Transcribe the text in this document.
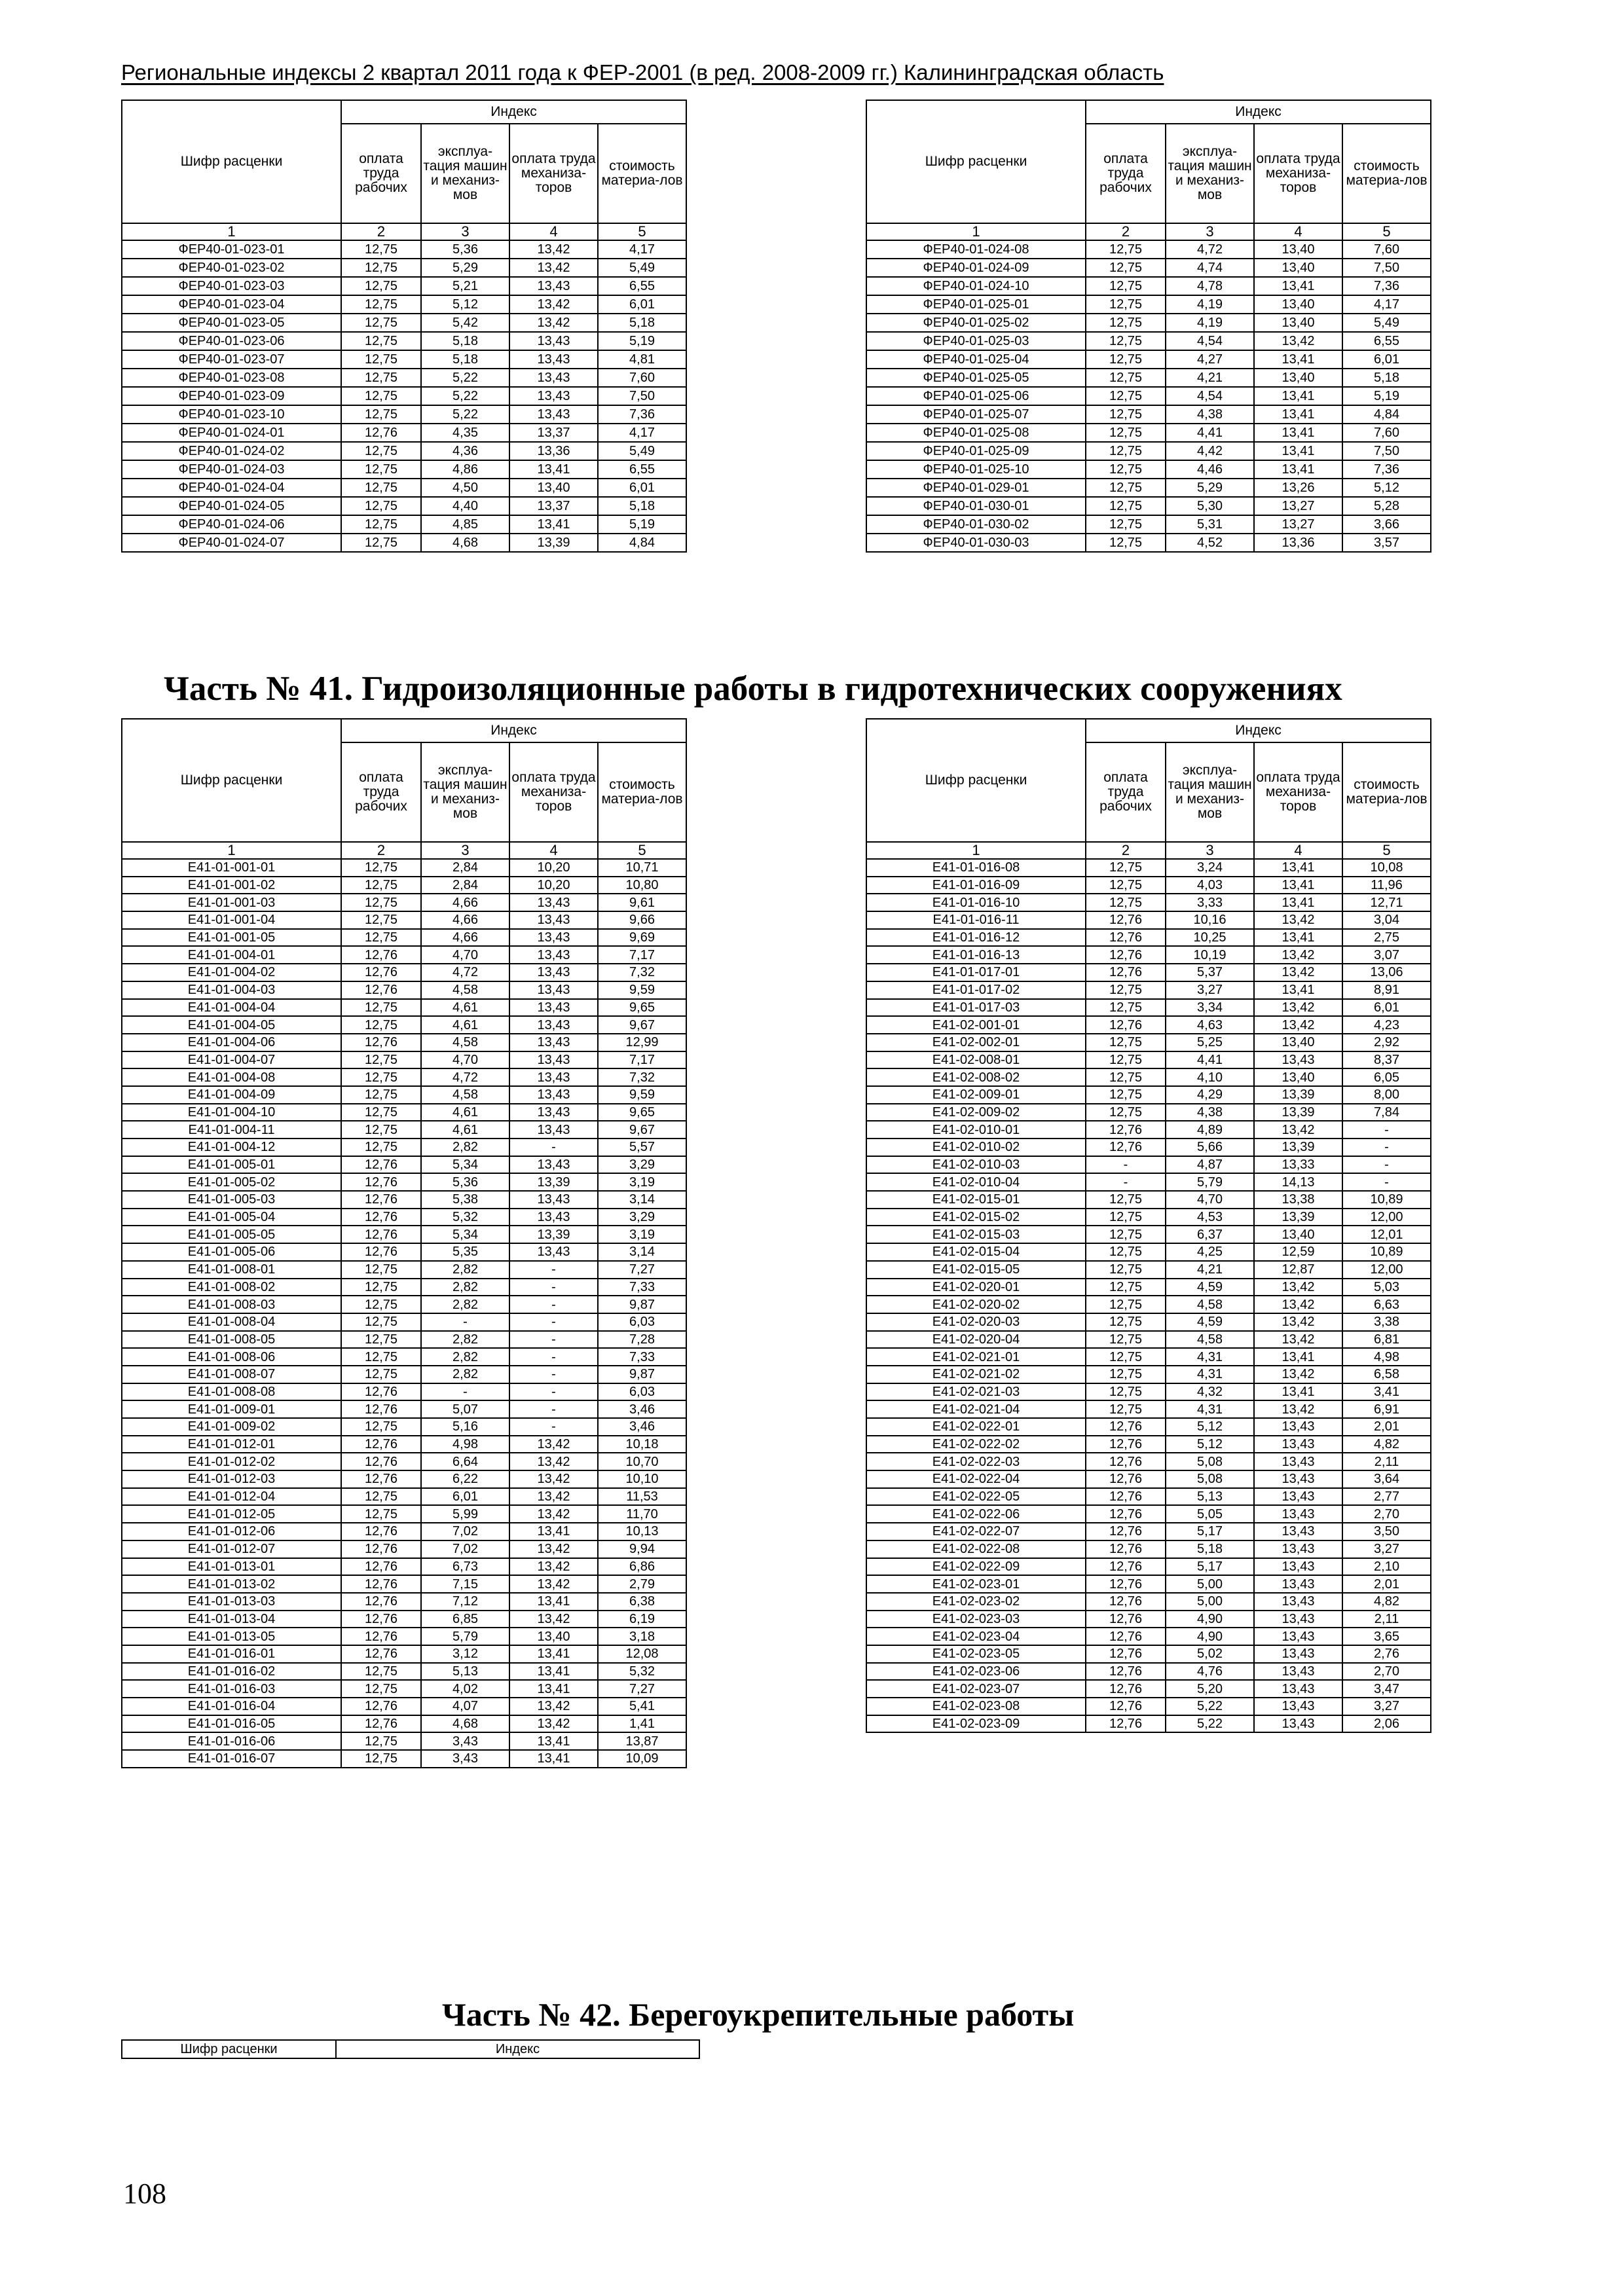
Региональные индексы 2 квартал 2011 года к ФЕР-2001 (в ред. 2008-2009 гг.) Калининградская область
Часть № 41. Гидроизоляционные работы в гидротехнических сооружениях
Часть № 42. Берегоукрепительные работы
Шифр расценки	Индекс
108
Шифр расценки	Индекс			
	оплата труда рабочих	эксплуа-тация машин и механиз-мов	оплата труда механиза-торов	стоимость материа-лов
1	2	3	4	5
ФЕР40-01-023-01	12,75	5,36	13,42	4,17
ФЕР40-01-023-02	12,75	5,29	13,42	5,49
ФЕР40-01-023-03	12,75	5,21	13,43	6,55
ФЕР40-01-023-04	12,75	5,12	13,42	6,01
ФЕР40-01-023-05	12,75	5,42	13,42	5,18
ФЕР40-01-023-06	12,75	5,18	13,43	5,19
ФЕР40-01-023-07	12,75	5,18	13,43	4,81
ФЕР40-01-023-08	12,75	5,22	13,43	7,60
ФЕР40-01-023-09	12,75	5,22	13,43	7,50
ФЕР40-01-023-10	12,75	5,22	13,43	7,36
ФЕР40-01-024-01	12,76	4,35	13,37	4,17
ФЕР40-01-024-02	12,75	4,36	13,36	5,49
ФЕР40-01-024-03	12,75	4,86	13,41	6,55
ФЕР40-01-024-04	12,75	4,50	13,40	6,01
ФЕР40-01-024-05	12,75	4,40	13,37	5,18
ФЕР40-01-024-06	12,75	4,85	13,41	5,19
ФЕР40-01-024-07	12,75	4,68	13,39	4,84
Шифр расценки	Индекс			
	оплата труда рабочих	эксплуа-тация машин и механиз-мов	оплата труда механиза-торов	стоимость материа-лов
1	2	3	4	5
ФЕР40-01-024-08	12,75	4,72	13,40	7,60
ФЕР40-01-024-09	12,75	4,74	13,40	7,50
ФЕР40-01-024-10	12,75	4,78	13,41	7,36
ФЕР40-01-025-01	12,75	4,19	13,40	4,17
ФЕР40-01-025-02	12,75	4,19	13,40	5,49
ФЕР40-01-025-03	12,75	4,54	13,42	6,55
ФЕР40-01-025-04	12,75	4,27	13,41	6,01
ФЕР40-01-025-05	12,75	4,21	13,40	5,18
ФЕР40-01-025-06	12,75	4,54	13,41	5,19
ФЕР40-01-025-07	12,75	4,38	13,41	4,84
ФЕР40-01-025-08	12,75	4,41	13,41	7,60
ФЕР40-01-025-09	12,75	4,42	13,41	7,50
ФЕР40-01-025-10	12,75	4,46	13,41	7,36
ФЕР40-01-029-01	12,75	5,29	13,26	5,12
ФЕР40-01-030-01	12,75	5,30	13,27	5,28
ФЕР40-01-030-02	12,75	5,31	13,27	3,66
ФЕР40-01-030-03	12,75	4,52	13,36	3,57
Шифр расценки	Индекс			
	оплата труда рабочих	эксплуа-тация машин и механиз-мов	оплата труда механиза-торов	стоимость материа-лов
1	2	3	4	5
Е41-01-001-01	12,75	2,84	10,20	10,71
Е41-01-001-02	12,75	2,84	10,20	10,80
Е41-01-001-03	12,75	4,66	13,43	9,61
Е41-01-001-04	12,75	4,66	13,43	9,66
Е41-01-001-05	12,75	4,66	13,43	9,69
Е41-01-004-01	12,76	4,70	13,43	7,17
Е41-01-004-02	12,76	4,72	13,43	7,32
Е41-01-004-03	12,76	4,58	13,43	9,59
Е41-01-004-04	12,75	4,61	13,43	9,65
Е41-01-004-05	12,75	4,61	13,43	9,67
Е41-01-004-06	12,76	4,58	13,43	12,99
Е41-01-004-07	12,75	4,70	13,43	7,17
Е41-01-004-08	12,75	4,72	13,43	7,32
Е41-01-004-09	12,75	4,58	13,43	9,59
Е41-01-004-10	12,75	4,61	13,43	9,65
Е41-01-004-11	12,75	4,61	13,43	9,67
Е41-01-004-12	12,75	2,82	-	5,57
Е41-01-005-01	12,76	5,34	13,43	3,29
Е41-01-005-02	12,76	5,36	13,39	3,19
Е41-01-005-03	12,76	5,38	13,43	3,14
Е41-01-005-04	12,76	5,32	13,43	3,29
Е41-01-005-05	12,76	5,34	13,39	3,19
Е41-01-005-06	12,76	5,35	13,43	3,14
Е41-01-008-01	12,75	2,82	-	7,27
Е41-01-008-02	12,75	2,82	-	7,33
Е41-01-008-03	12,75	2,82	-	9,87
Е41-01-008-04	12,75	-	-	6,03
Е41-01-008-05	12,75	2,82	-	7,28
Е41-01-008-06	12,75	2,82	-	7,33
Е41-01-008-07	12,75	2,82	-	9,87
Е41-01-008-08	12,76	-	-	6,03
Е41-01-009-01	12,76	5,07	-	3,46
Е41-01-009-02	12,75	5,16	-	3,46
Е41-01-012-01	12,76	4,98	13,42	10,18
Е41-01-012-02	12,76	6,64	13,42	10,70
Е41-01-012-03	12,76	6,22	13,42	10,10
Е41-01-012-04	12,75	6,01	13,42	11,53
Е41-01-012-05	12,75	5,99	13,42	11,70
Е41-01-012-06	12,76	7,02	13,41	10,13
Е41-01-012-07	12,76	7,02	13,42	9,94
Е41-01-013-01	12,76	6,73	13,42	6,86
Е41-01-013-02	12,76	7,15	13,42	2,79
Е41-01-013-03	12,76	7,12	13,41	6,38
Е41-01-013-04	12,76	6,85	13,42	6,19
Е41-01-013-05	12,76	5,79	13,40	3,18
Е41-01-016-01	12,76	3,12	13,41	12,08
Е41-01-016-02	12,75	5,13	13,41	5,32
Е41-01-016-03	12,75	4,02	13,41	7,27
Е41-01-016-04	12,76	4,07	13,42	5,41
Е41-01-016-05	12,76	4,68	13,42	1,41
Е41-01-016-06	12,75	3,43	13,41	13,87
Е41-01-016-07	12,75	3,43	13,41	10,09
Шифр расценки	Индекс			
	оплата труда рабочих	эксплуа-тация машин и механиз-мов	оплата труда механиза-торов	стоимость материа-лов
1	2	3	4	5
Е41-01-016-08	12,75	3,24	13,41	10,08
Е41-01-016-09	12,75	4,03	13,41	11,96
Е41-01-016-10	12,75	3,33	13,41	12,71
Е41-01-016-11	12,76	10,16	13,42	3,04
Е41-01-016-12	12,76	10,25	13,41	2,75
Е41-01-016-13	12,76	10,19	13,42	3,07
Е41-01-017-01	12,76	5,37	13,42	13,06
Е41-01-017-02	12,75	3,27	13,41	8,91
Е41-01-017-03	12,75	3,34	13,42	6,01
Е41-02-001-01	12,76	4,63	13,42	4,23
Е41-02-002-01	12,75	5,25	13,40	2,92
Е41-02-008-01	12,75	4,41	13,43	8,37
Е41-02-008-02	12,75	4,10	13,40	6,05
Е41-02-009-01	12,75	4,29	13,39	8,00
Е41-02-009-02	12,75	4,38	13,39	7,84
Е41-02-010-01	12,76	4,89	13,42	-
Е41-02-010-02	12,76	5,66	13,39	-
Е41-02-010-03	-	4,87	13,33	-
Е41-02-010-04	-	5,79	14,13	-
Е41-02-015-01	12,75	4,70	13,38	10,89
Е41-02-015-02	12,75	4,53	13,39	12,00
Е41-02-015-03	12,75	6,37	13,40	12,01
Е41-02-015-04	12,75	4,25	12,59	10,89
Е41-02-015-05	12,75	4,21	12,87	12,00
Е41-02-020-01	12,75	4,59	13,42	5,03
Е41-02-020-02	12,75	4,58	13,42	6,63
Е41-02-020-03	12,75	4,59	13,42	3,38
Е41-02-020-04	12,75	4,58	13,42	6,81
Е41-02-021-01	12,75	4,31	13,41	4,98
Е41-02-021-02	12,75	4,31	13,42	6,58
Е41-02-021-03	12,75	4,32	13,41	3,41
Е41-02-021-04	12,75	4,31	13,42	6,91
Е41-02-022-01	12,76	5,12	13,43	2,01
Е41-02-022-02	12,76	5,12	13,43	4,82
Е41-02-022-03	12,76	5,08	13,43	2,11
Е41-02-022-04	12,76	5,08	13,43	3,64
Е41-02-022-05	12,76	5,13	13,43	2,77
Е41-02-022-06	12,76	5,05	13,43	2,70
Е41-02-022-07	12,76	5,17	13,43	3,50
Е41-02-022-08	12,76	5,18	13,43	3,27
Е41-02-022-09	12,76	5,17	13,43	2,10
Е41-02-023-01	12,76	5,00	13,43	2,01
Е41-02-023-02	12,76	5,00	13,43	4,82
Е41-02-023-03	12,76	4,90	13,43	2,11
Е41-02-023-04	12,76	4,90	13,43	3,65
Е41-02-023-05	12,76	5,02	13,43	2,76
Е41-02-023-06	12,76	4,76	13,43	2,70
Е41-02-023-07	12,76	5,20	13,43	3,47
Е41-02-023-08	12,76	5,22	13,43	3,27
Е41-02-023-09	12,76	5,22	13,43	2,06
